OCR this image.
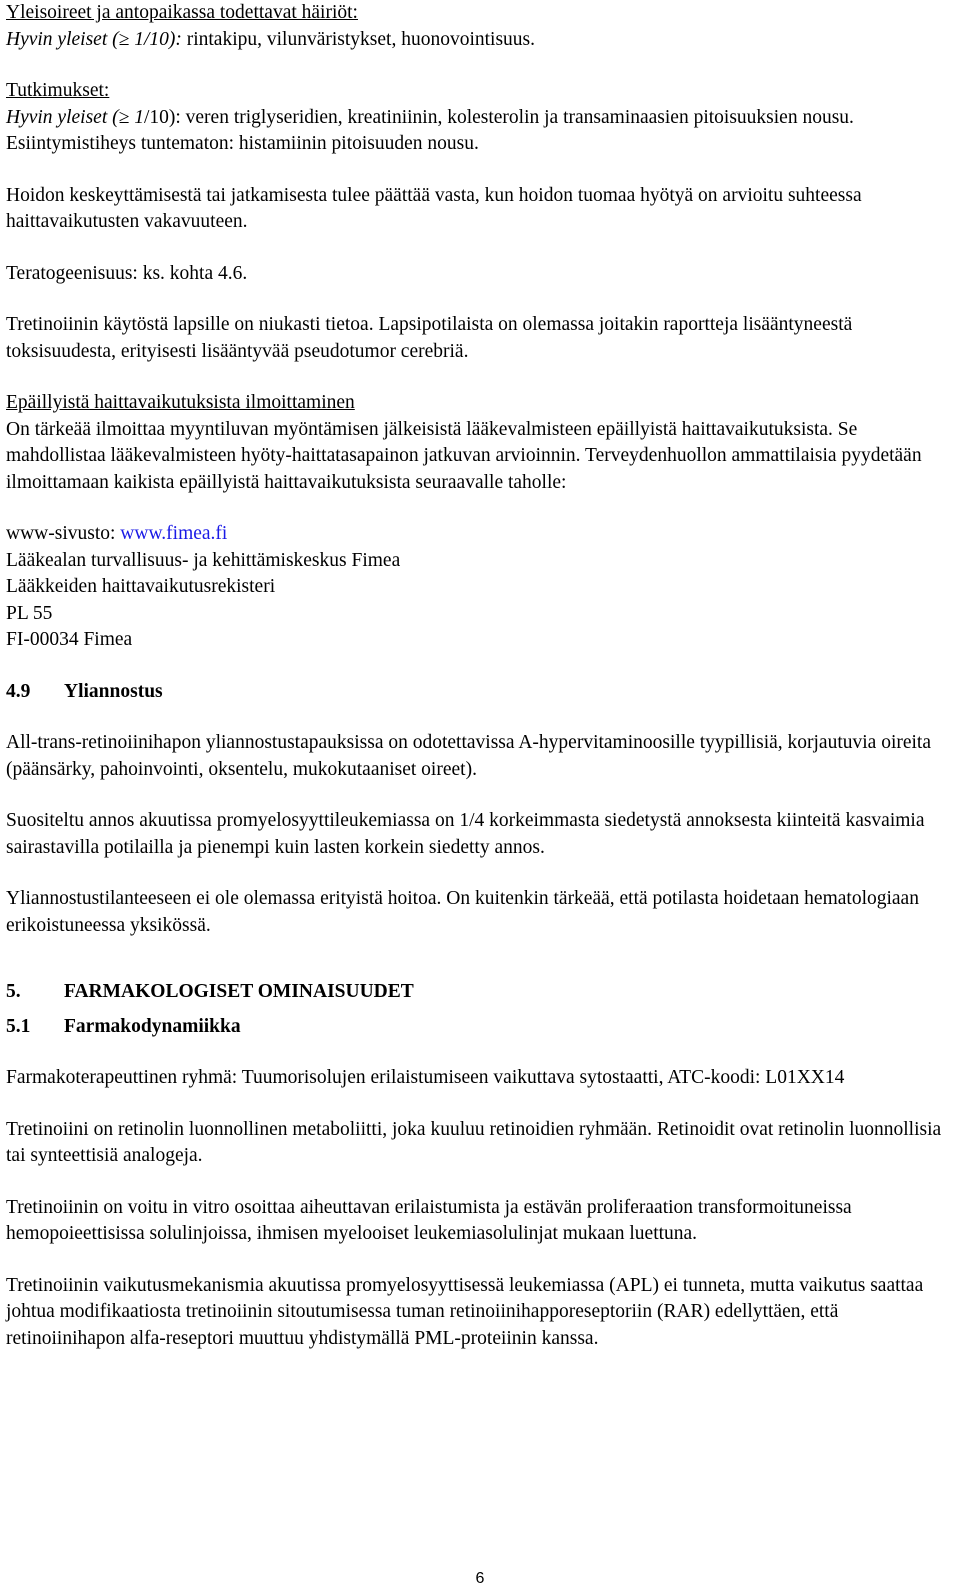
Yleisoireet ja antopaikassa todettavat häiriöt:

Hyvin yleiset (≥ 1/10): rintakipu, vilunväristykset, huonovointisuus.

Tutkimukset:

Hyvin yleiset (≥ 1/10): veren triglyseridien, kreatiniinin, kolesterolin ja transaminaasien pitoisuuksien nousu.

Esiintymistiheys tuntematon: histamiinin pitoisuuden nousu.

Hoidon keskeyttämisestä tai jatkamisesta tulee päättää vasta, kun hoidon tuomaa hyötyä on arvioitu suhteessa haittavaikutusten vakavuuteen.

Teratogeenisuus: ks. kohta 4.6.

Tretinoiinin käytöstä lapsille on niukasti tietoa. Lapsipotilaista on olemassa joitakin raportteja lisääntyneestä toksisuudesta, erityisesti lisääntyvää pseudotumor cerebriä.

Epäillyistä haittavaikutuksista ilmoittaminen

On tärkeää ilmoittaa myyntiluvan myöntämisen jälkeisistä lääkevalmisteen epäillyistä haittavaikutuksista. Se mahdollistaa lääkevalmisteen hyöty-haittatasapainon jatkuvan arvioinnin. Terveydenhuollon ammattilaisia pyydetään ilmoittamaan kaikista epäillyistä haittavaikutuksista seuraavalle taholle:

www-sivusto: www.fimea.fi

Lääkealan turvallisuus- ja kehittämiskeskus Fimea

Lääkkeiden haittavaikutusrekisteri

PL 55

FI-00034 Fimea

4.9 Yliannostus

All-trans-retinoiinihapon yliannostustapauksissa on odotettavissa A-hypervitaminoosille tyypillisiä, korjautuvia oireita (päänsärky, pahoinvointi, oksentelu, mukokutaaniset oireet).

Suositeltu annos akuutissa promyelosyyttileukemiassa on 1/4 korkeimmasta siedetystä annoksesta kiinteitä kasvaimia sairastavilla potilailla ja pienempi kuin lasten korkein siedetty annos.

Yliannostustilanteeseen ei ole olemassa erityistä hoitoa. On kuitenkin tärkeää, että potilasta hoidetaan hematologiaan erikoistuneessa yksikössä.

5. FARMAKOLOGISET OMINAISUUDET

5.1 Farmakodynamiikka

Farmakoterapeuttinen ryhmä: Tuumorisolujen erilaistumiseen vaikuttava sytostaatti, ATC-koodi: L01XX14

Tretinoiini on retinolin luonnollinen metaboliitti, joka kuuluu retinoidien ryhmään. Retinoidit ovat retinolin luonnollisia tai synteettisiä analogeja.

Tretinoiinin on voitu in vitro osoittaa aiheuttavan erilaistumista ja estävän proliferaation transformoituneissa hemopoieettisissa solulinjoissa, ihmisen myelooiset leukemiasolulinjat mukaan luettuna.

Tretinoiinin vaikutusmekanismia akuutissa promyelosyyttisessä leukemiassa (APL) ei tunneta, mutta vaikutus saattaa johtua modifikaatiosta tretinoiinin sitoutumisessa tuman retinoiinihapporeseptoriin (RAR) edellyttäen, että retinoiinihapon alfa-reseptori muuttuu yhdistymällä PML-proteiinin kanssa.

6
